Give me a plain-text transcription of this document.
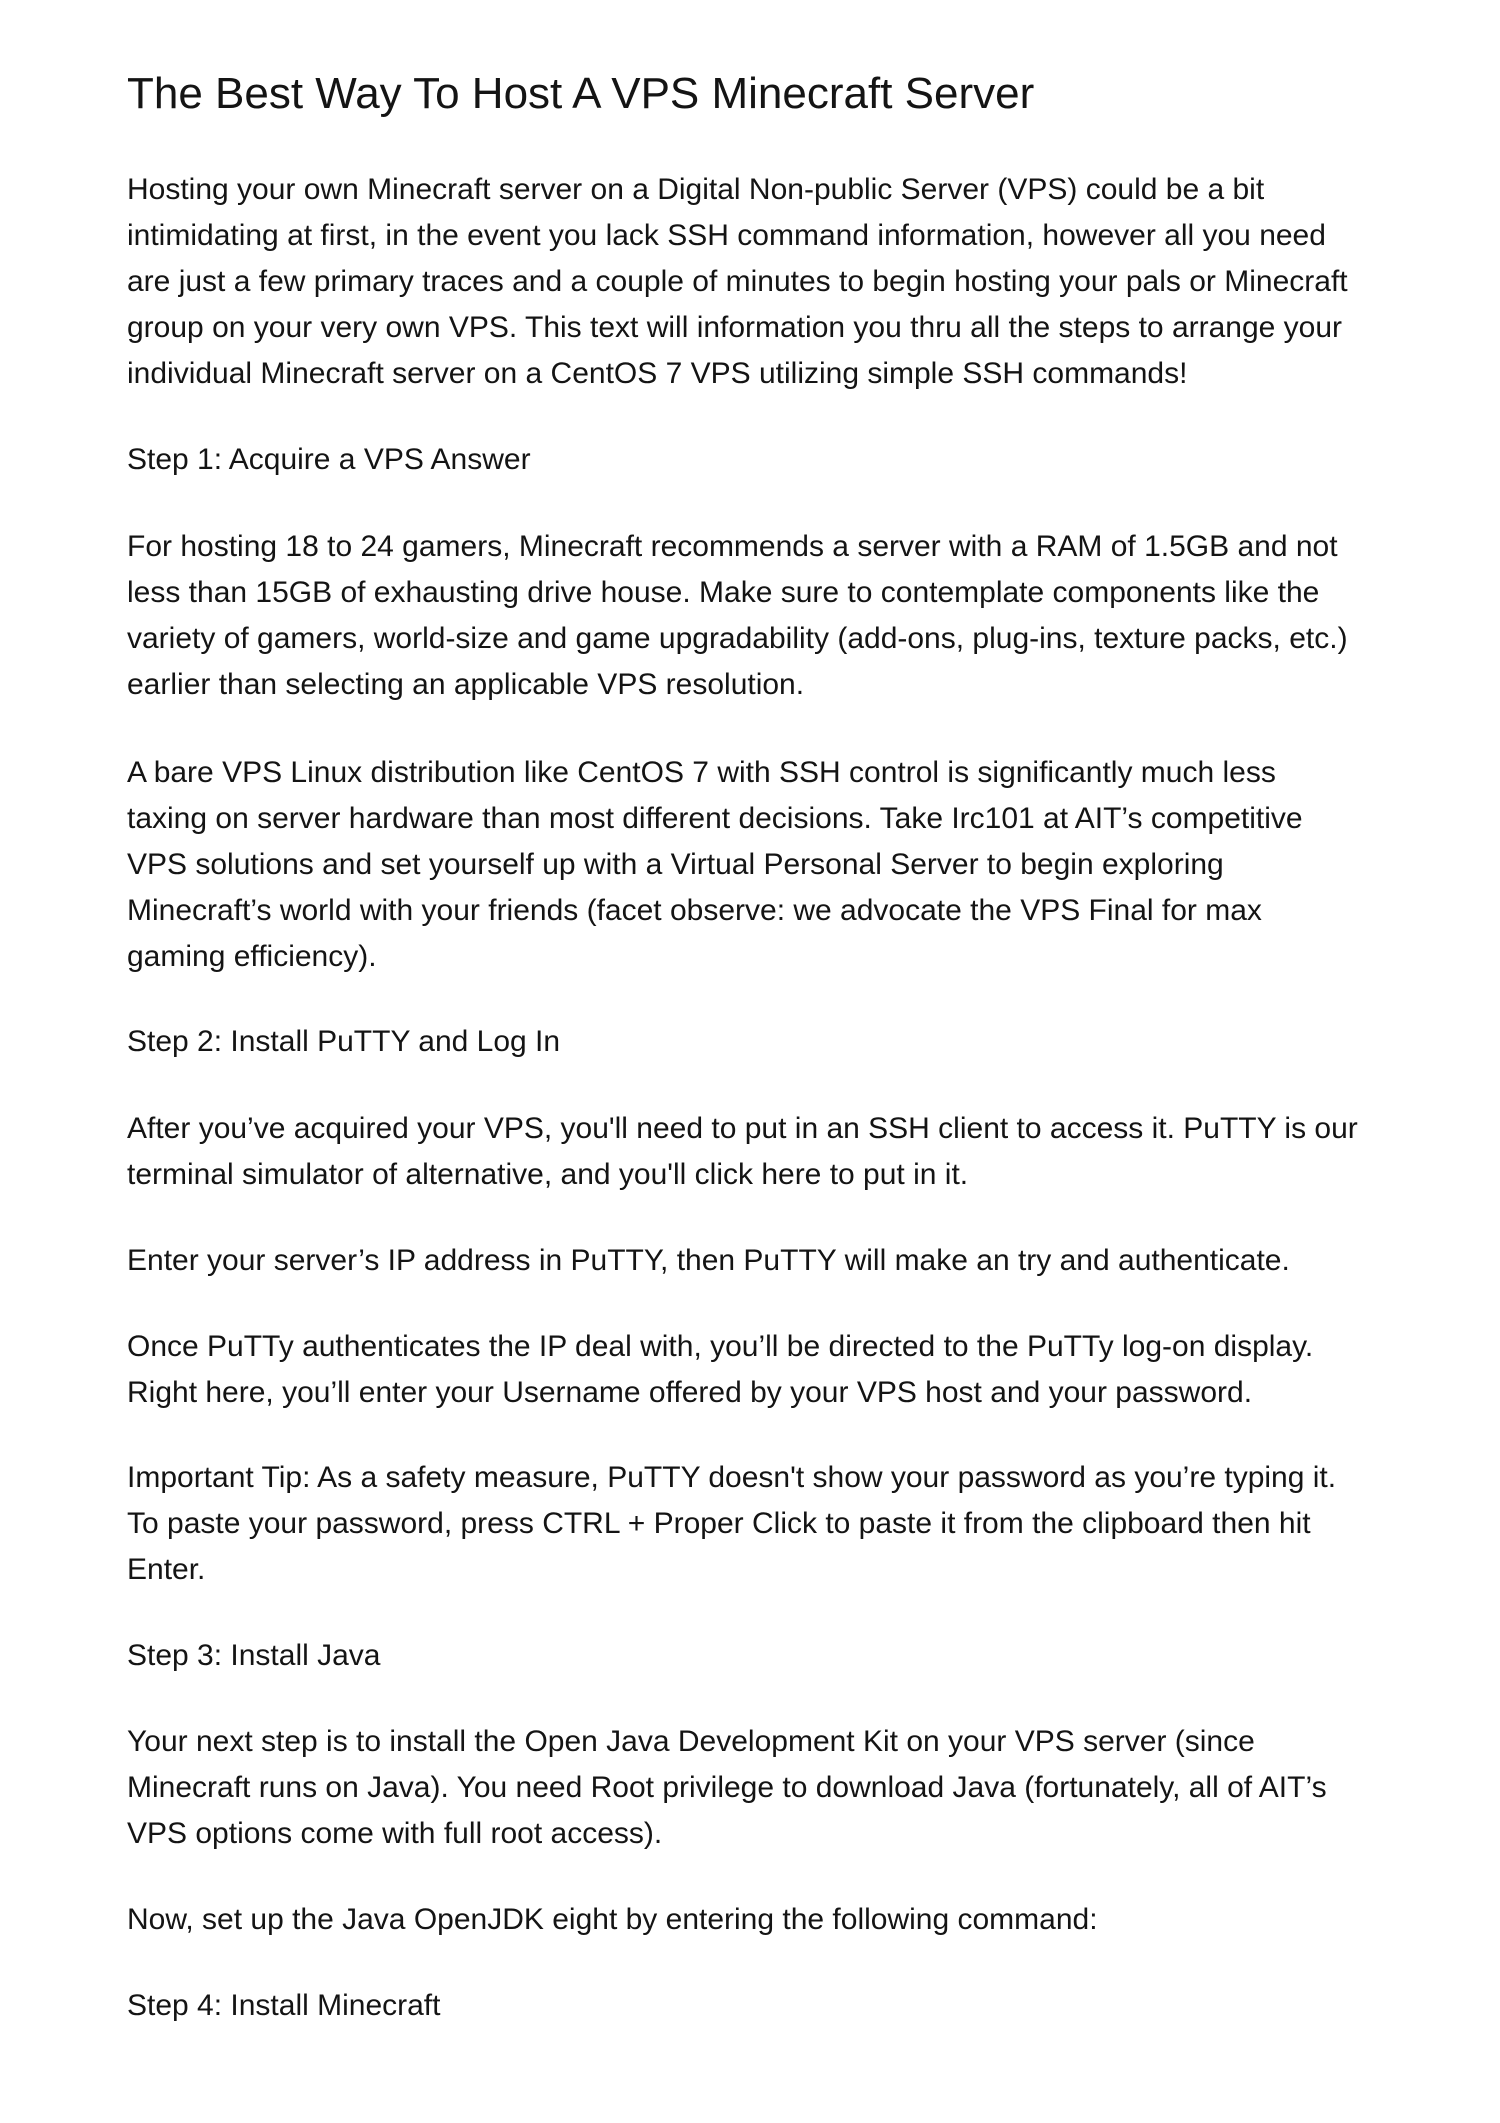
The Best Way To Host A VPS Minecraft Server
Hosting your own Minecraft server on a Digital Non-public Server (VPS) could be a bit
intimidating at first, in the event you lack SSH command information, however all you need
are just a few primary traces and a couple of minutes to begin hosting your pals or Minecraft
group on your very own VPS. This text will information you thru all the steps to arrange your
individual Minecraft server on a CentOS 7 VPS utilizing simple SSH commands!
Step 1: Acquire a VPS Answer
For hosting 18 to 24 gamers, Minecraft recommends a server with a RAM of 1.5GB and not
less than 15GB of exhausting drive house. Make sure to contemplate components like the
variety of gamers, world-size and game upgradability (add-ons, plug-ins, texture packs, etc.)
earlier than selecting an applicable VPS resolution.
A bare VPS Linux distribution like CentOS 7 with SSH control is significantly much less
taxing on server hardware than most different decisions. Take Irc101 at AIT’s competitive
VPS solutions and set yourself up with a Virtual Personal Server to begin exploring
Minecraft’s world with your friends (facet observe: we advocate the VPS Final for max
gaming efficiency).
Step 2: Install PuTTY and Log In
After you’ve acquired your VPS, you'll need to put in an SSH client to access it. PuTTY is our
terminal simulator of alternative, and you'll click here to put in it.
Enter your server’s IP address in PuTTY, then PuTTY will make an try and authenticate.
Once PuTTy authenticates the IP deal with, you’ll be directed to the PuTTy log-on display.
Right here, you’ll enter your Username offered by your VPS host and your password.
Important Tip: As a safety measure, PuTTY doesn't show your password as you’re typing it.
To paste your password, press CTRL + Proper Click to paste it from the clipboard then hit
Enter.
Step 3: Install Java
Your next step is to install the Open Java Development Kit on your VPS server (since
Minecraft runs on Java). You need Root privilege to download Java (fortunately, all of AIT’s
VPS options come with full root access).
Now, set up the Java OpenJDK eight by entering the following command:
Step 4: Install Minecraft
